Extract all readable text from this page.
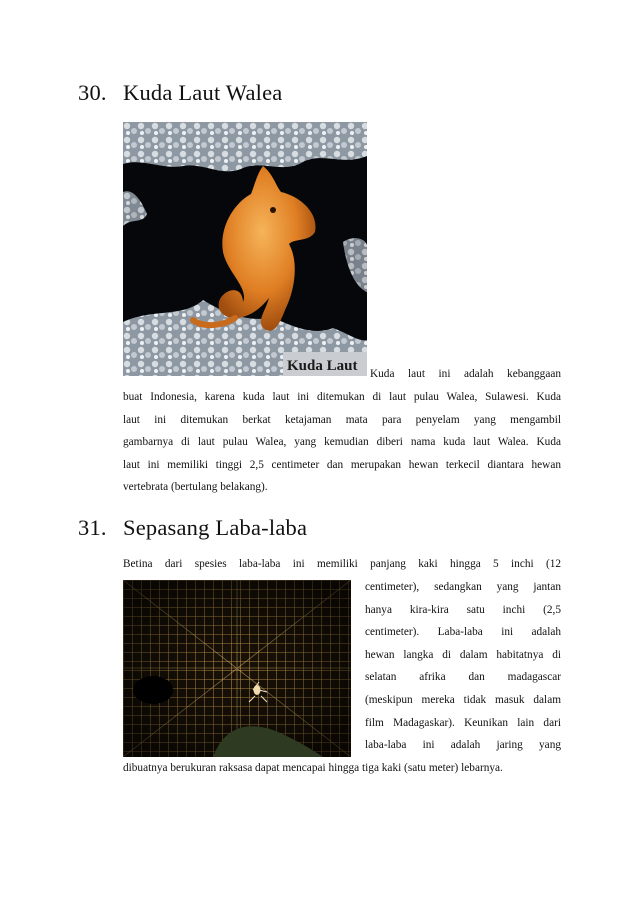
30. Kuda Laut Walea
Kuda Laut Kuda laut ini adalah kebanggaan
buat Indonesia, karena kuda laut ini ditemukan di laut pulau Walea, Sulawesi. Kuda
laut ini ditemukan berkat ketajaman mata para penyelam yang mengambil
gambarnya di laut pulau Walea, yang kemudian diberi nama kuda laut Walea. Kuda
laut ini memiliki tinggi 2,5 centimeter dan merupakan hewan terkecil diantara hewan
vertebrata (bertulang belakang).
31. Sepasang Laba-laba
Betina dari spesies laba-laba ini memiliki panjang kaki hingga 5 inchi (12
centimeter), sedangkan yang jantan
hanya kira-kira satu inchi (2,5
centimeter). Laba-laba ini adalah
hewan langka di dalam habitatnya di
selatan afrika dan madagascar
(meskipun mereka tidak masuk dalam
film Madagaskar). Keunikan lain dari
laba-laba ini adalah jaring yang
dibuatnya berukuran raksasa dapat mencapai hingga tiga kaki (satu meter) lebarnya.
